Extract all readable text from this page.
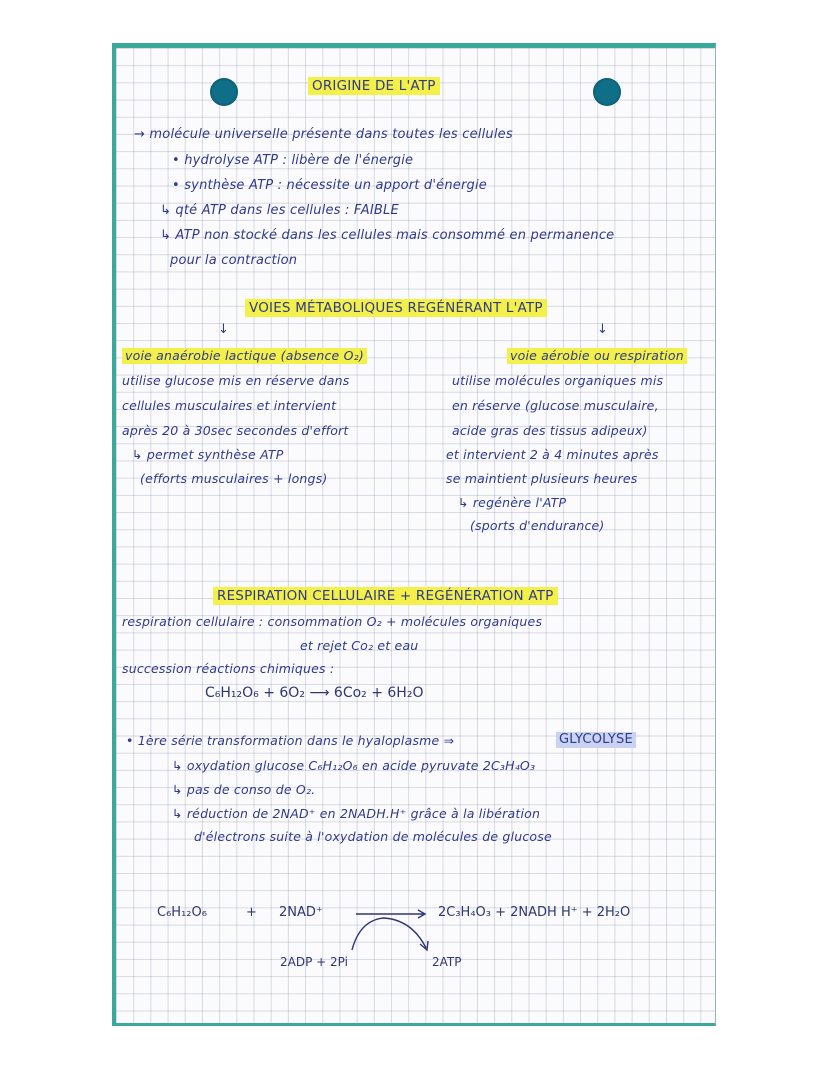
ORIGINE DE L'ATP
→ molécule universelle présente dans toutes les cellules
• hydrolyse ATP : libère de l'énergie
• synthèse ATP : nécessite un apport d'énergie
↳ qté ATP dans les cellules : FAIBLE
↳ ATP non stocké dans les cellules mais consommé en permanence
pour la contraction
VOIES MÉTABOLIQUES REGÉNÉRANT L'ATP
↓	↓
voie anaérobie lactique (absence O₂)
utilise glucose mis en réserve dans
cellules musculaires et intervient
après 20 à 30sec secondes d'effort
↳ permet synthèse ATP
(efforts musculaires + longs)
voie aérobie ou respiration
utilise molécules organiques mis
en réserve (glucose musculaire,
acide gras des tissus adipeux)
et intervient 2 à 4 minutes après
se maintient plusieurs heures
↳ regénère l'ATP
(sports d'endurance)
RESPIRATION CELLULAIRE + REGÉNÉRATION ATP
respiration cellulaire : consommation O₂ + molécules organiques
et rejet Co₂ et eau
succession réactions chimiques :
C₆H₁₂O₆ + 6O₂ ⟶ 6Co₂ + 6H₂O
• 1ère série transformation dans le hyaloplasme ⇒	GLYCOLYSE
↳ oxydation glucose C₆H₁₂O₆ en acide pyruvate 2C₃H₄O₃
↳ pas de conso de O₂.
↳ réduction de 2NAD⁺ en 2NADH.H⁺ grâce à la libération
d'électrons suite à l'oxydation de molécules de glucose
C₆H₁₂O₆	+ 2NAD⁺	2C₃H₄O₃ + 2NADH H⁺ + 2H₂O
2ADP + 2Pi	2ATP
